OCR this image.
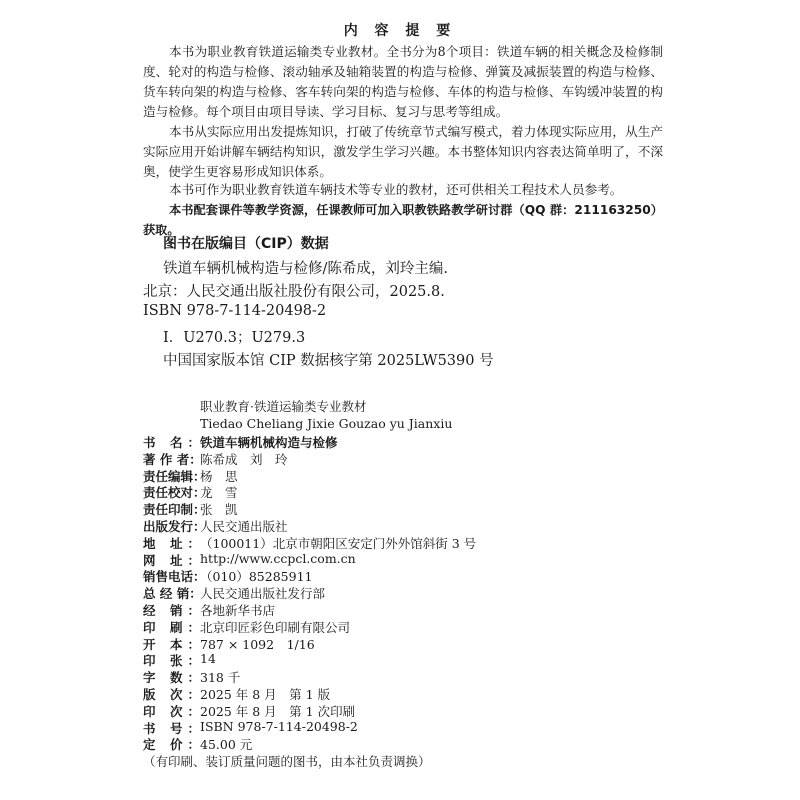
内 容 提 要
本书为职业教育铁道运输类专业教材。全书分为8个项目：铁道车辆的相关概念及检修制度、轮对的构造与检修、滚动轴承及轴箱装置的构造与检修、弹簧及减振装置的构造与检修、货车转向架的构造与检修、客车转向架的构造与检修、车体的构造与检修、车钩缓冲装置的构造与检修。每个项目由项目导读、学习目标、复习与思考等组成。
本书从实际应用出发提炼知识，打破了传统章节式编写模式，着力体现实际应用，从生产实际应用开始讲解车辆结构知识，激发学生学习兴趣。本书整体知识内容表达简单明了，不深奥，使学生更容易形成知识体系。
本书可作为职业教育铁道车辆技术等专业的教材，还可供相关工程技术人员参考。
本书配套课件等教学资源，任课教师可加入职教铁路教学研讨群（QQ 群：211163250）获取。
图书在版编目（CIP）数据
铁道车辆机械构造与检修/陈希成，刘玲主编.
北京：人民交通出版社股份有限公司，2025.8.
ISBN 978-7-114-20498-2
Ⅰ．U270.3；U279.3
中国国家版本馆 CIP 数据核字第 2025LW5390 号
职业教育·铁道运输类专业教材
Tiedao Cheliang Jixie Gouzao yu Jianxiu
书 名： 铁道车辆机械构造与检修
著 作 者：
陈希成　刘　玲
责任编辑：
杨　思
责任校对：
龙　雪
责任印制：
张　凯
出版发行：
人民交通出版社
地 址： （100011）北京市朝阳区安定门外外馆斜街 3 号
网 址： http://www.ccpcl.com.cn
销售电话：
（010）85285911
总 经 销：
人民交通出版社发行部
经 销： 各地新华书店
印 刷： 北京印匠彩色印刷有限公司
开 本： 787 × 1092　1/16
印 张： 14
字 数： 318 千
版 次： 2025 年 8 月　第 1 版
印 次： 2025 年 8 月　第 1 次印刷
书 号： ISBN 978-7-114-20498-2
定 价： 45.00 元
（有印刷、装订质量问题的图书，由本社负责调换）
